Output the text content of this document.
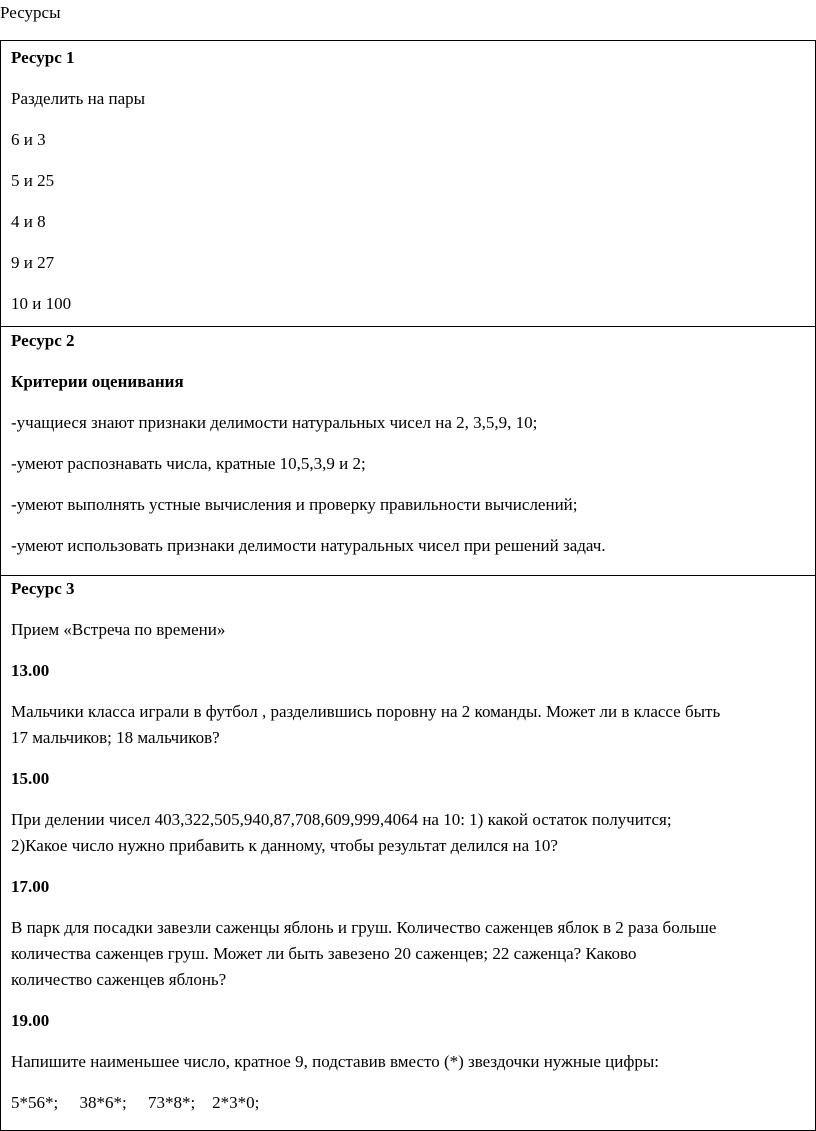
Ресурсы

Ресурс 1

Разделить на пары

6 и 3

5 и 25

4 и 8

9 и 27

10 и 100

Ресурс 2

Критерии оценивания

-учащиеся знают признаки делимости натуральных чисел на 2, 3,5,9, 10;

-умеют распознавать числа, кратные 10,5,3,9 и 2;

-умеют выполнять устные вычисления и проверку правильности вычислений;

-умеют использовать признаки делимости натуральных чисел при решений задач.

Ресурс 3

Прием «Встреча по времени»

13.00

Мальчики класса играли в футбол , разделившись поровну на 2 команды. Может ли в классе быть

17 мальчиков; 18 мальчиков?

15.00

При делении чисел 403,322,505,940,87,708,609,999,4064 на 10: 1) какой остаток получится;

2)Какое число нужно прибавить к данному, чтобы результат делился на 10?

17.00

В парк для посадки завезли саженцы яблонь и груш. Количество саженцев яблок в 2 раза больше

количества саженцев груш. Может ли быть завезено 20 саженцев; 22 саженца? Каково

количество саженцев яблонь?

19.00

Напишите наименьшее число, кратное 9, подставив вместо (*) звездочки нужные цифры:

5*56*;     38*6*;     73*8*;    2*3*0;
